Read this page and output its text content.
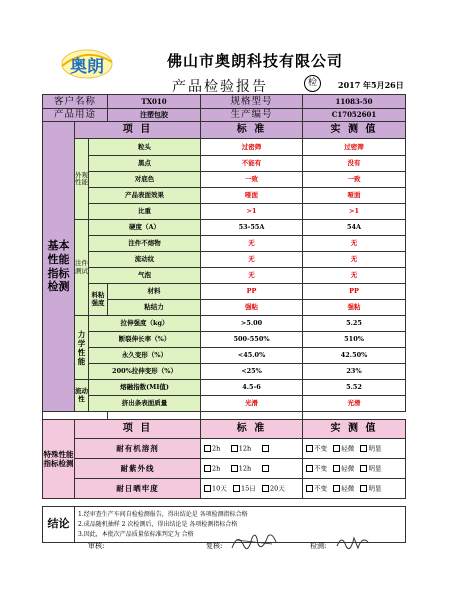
奥朗	佛山市奥朗科技有限公司
产品检验报告	检	2017 年5月26日
客户名称			TX010	规格型号	11083-50
产品用途			注塑包胶	生产编号	C17052601
基本性能指标检测	项 目			标 准	实 测 值
	外观性能	粒头		过密筛	过密筛
		黑点		不能有	没有
		对底色		一致	一致
		产品表面效果		哑面	哑面
		比重		>1	>1
	注件测试	硬度（A）		53-55A	54A
		注件不熔物		无	无
		流动纹		无	无
		气泡		无	无
		料粘强度	材料	PP	PP
			粘结力	强粘	强粘
	力学性能	拉伸强度（kg）		>5.00	5.25
		断裂伸长率（%）		500-550%	510%
		永久变形（%）		<45.0%	42.50%
		200%拉伸变形（%）		<25%	23%
	流动性	熔融指数(MI值)		4.5-6	5.52
		挤出条表面质量		光滑	光滑

特殊性能指标检测	项 目			标 准	实 测 值
	耐有机溶剂			2h 12h	不变 轻微 明显
	耐紫外线			2h 12h	不变 轻微 明显
	耐日晒牢度			10天 15日 20天	不变 轻微 明显

结论	1.经审查生产车间自检检测报告，得出结论是 各项检测指标合格
2.成品随机抽样 2 次检测后，得出结论是 各项检测指标合格
3.因此，本批次产品质量依标准判定为 合格				
审核:	复核:	检测:
